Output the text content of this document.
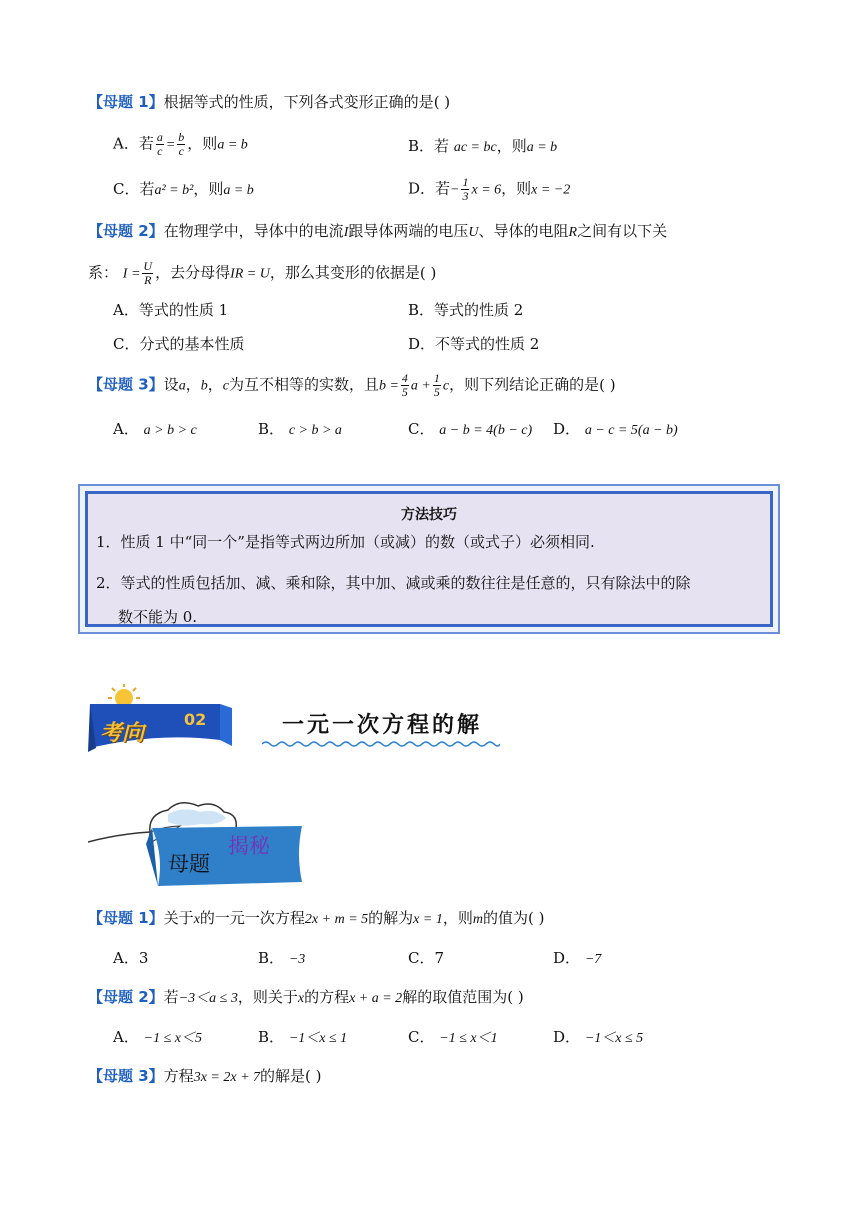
【母题 1】根据等式的性质，下列各式变形正确的是( )
A．若 $\frac{a}{c} = \frac{b}{c}$ ，则a = b	B．若 ac = bc，则a = b
C．若a² = b²，则a = b	D．若− $\frac{1}{3}$ x = 6，则x = −2
【母题 2】在物理学中，导体中的电流I跟导体两端的电压U、导体的电阻R之间有以下关
系： $I = \frac{U}{R}$ ，去分母得IR = U，那么其变形的依据是( )
A．等式的性质 1	B．等式的性质 2
C．分式的基本性质	D．不等式的性质 2
【母题 3】设a，b，c为互不相等的实数，且$b = \frac{4}{5}$ $a + \frac{1}{5}$ c，则下列结论正确的是( )
A． a > b > c	B． c > b > a	C． a − b = 4(b − c) D． a − c = 5(a − b)
方法技巧
1．性质 1 中“同一个”是指等式两边所加（或减）的数（或式子）必须相同.
2．等式的性质包括加、减、乘和除，其中加、减或乘的数往往是任意的，只有除法中的除
数不能为 0.
考向
02	一元一次方程的解
母题
揭秘
【母题 1】关于x的一元一次方程2x + m = 5的解为x = 1，则m的值为( )
A．3	B． −3	C．7	D． −7
【母题 2】若−3＜a ≤ 3，则关于x的方程x + a = 2解的取值范围为( )
A． −1 ≤ x＜5	B． −1＜x ≤ 1	C． −1 ≤ x＜1	D． −1＜x ≤ 5
【母题 3】方程3x = 2x + 7的解是( )
